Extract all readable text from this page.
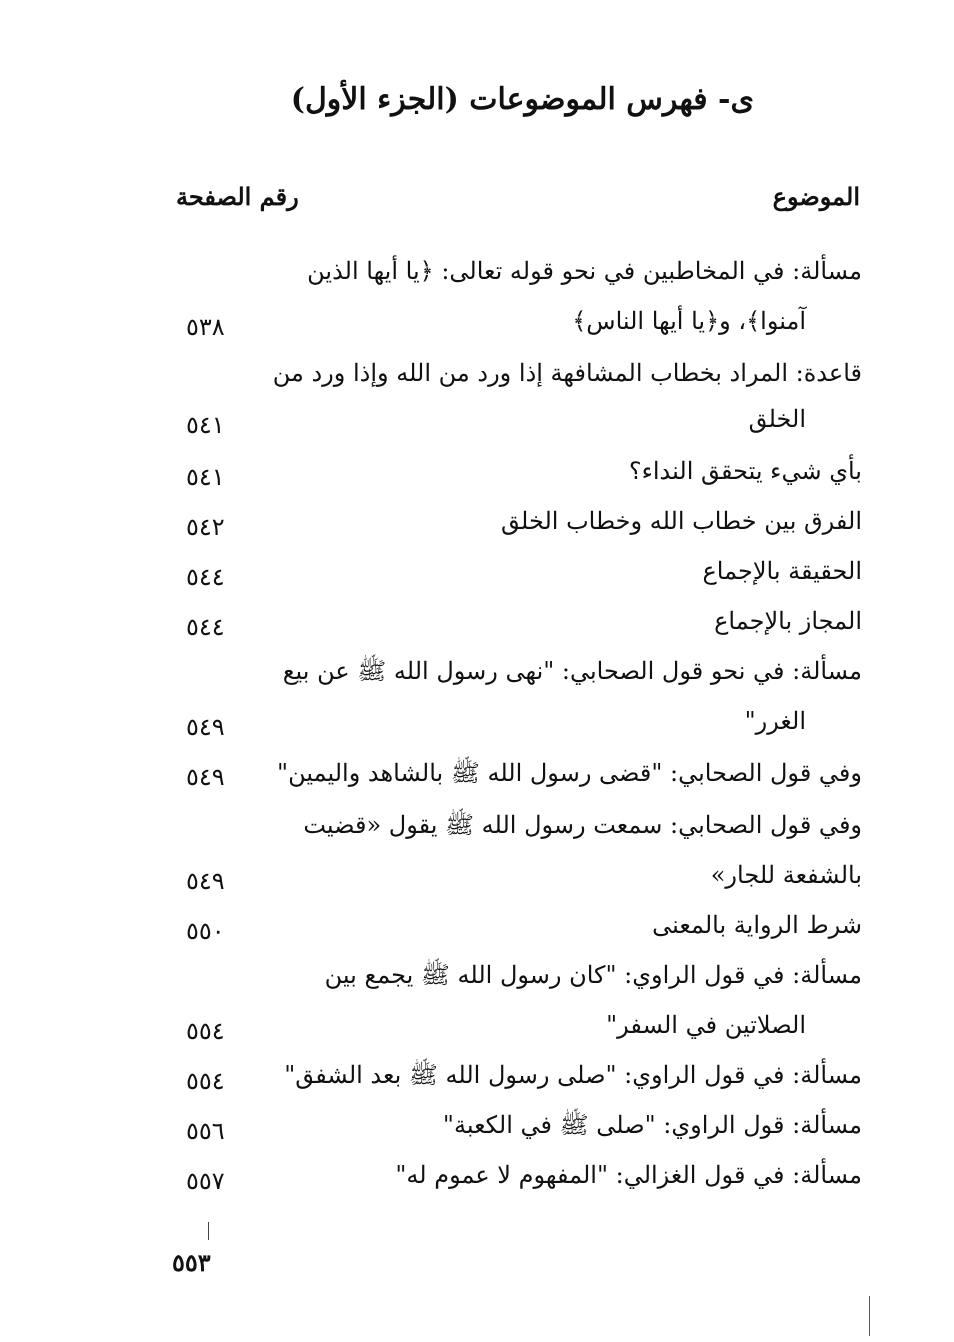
ى- فهرس الموضوعات (الجزء الأول)
الموضوع
رقم الصفحة
مسألة: في المخاطبين في نحو قوله تعالى: ﴿يا أيها الذين
آمنوا﴾، و﴿يا أيها الناس﴾
٥٣٨
قاعدة: المراد بخطاب المشافهة إذا ورد من الله وإذا ورد من
الخلق
٥٤١
بأي شيء يتحقق النداء؟
٥٤١
الفرق بين خطاب الله وخطاب الخلق
٥٤٢
الحقيقة بالإجماع
٥٤٤
المجاز بالإجماع
٥٤٤
مسألة: في نحو قول الصحابي: "نهى رسول الله ﷺ عن بيع
الغرر"
٥٤٩
وفي قول الصحابي: "قضى رسول الله ﷺ بالشاهد واليمين"
٥٤٩
وفي قول الصحابي: سمعت رسول الله ﷺ يقول «قضيت
بالشفعة للجار»
٥٤٩
شرط الرواية بالمعنى
٥٥٠
مسألة: في قول الراوي: "كان رسول الله ﷺ يجمع بين
الصلاتين في السفر"
٥٥٤
مسألة: في قول الراوي: "صلى رسول الله ﷺ بعد الشفق"
٥٥٤
مسألة: قول الراوي: "صلى ﷺ في الكعبة"
٥٥٦
مسألة: في قول الغزالي: "المفهوم لا عموم له"
٥٥٧
٥٥٣
